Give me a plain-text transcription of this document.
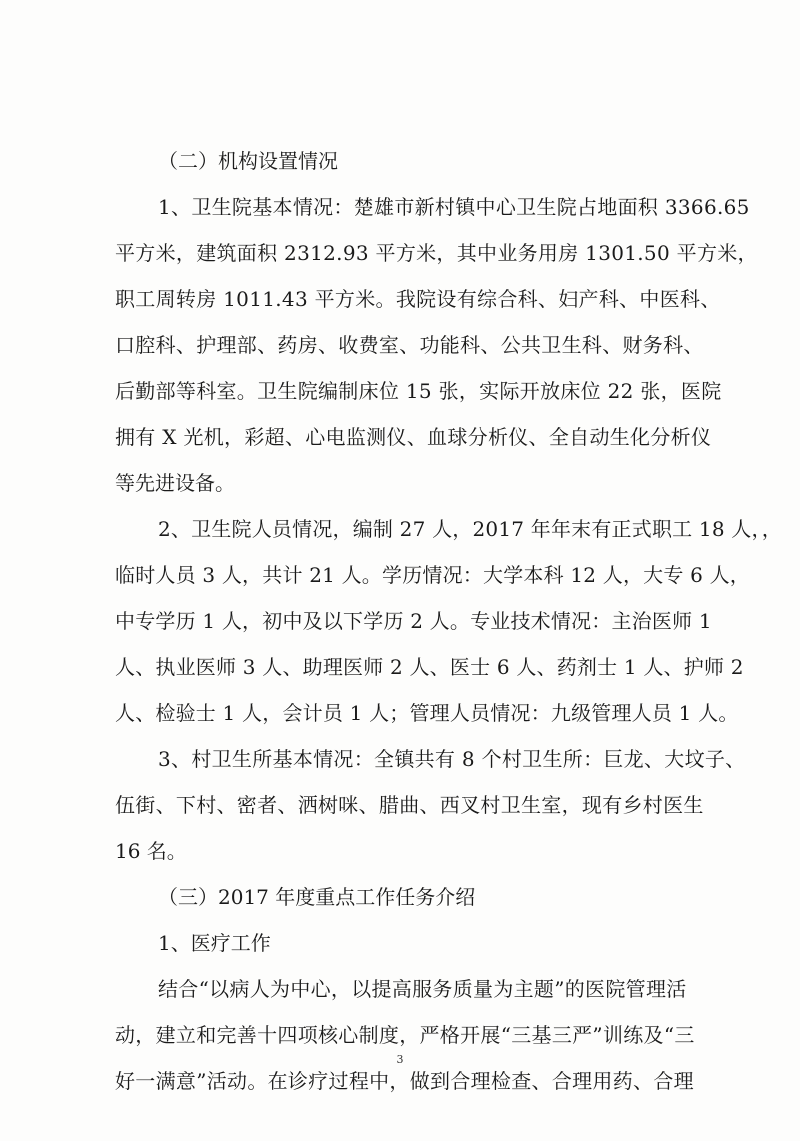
（二）机构设置情况
1、卫生院基本情况：楚雄市新村镇中心卫生院占地面积 3366.65
平方米，建筑面积 2312.93 平方米，其中业务用房 1301.50 平方米，
职工周转房 1011.43 平方米。我院设有综合科、妇产科、中医科、
口腔科、护理部、药房、收费室、功能科、公共卫生科、财务科、
后勤部等科室。卫生院编制床位 15 张，实际开放床位 22 张，医院
拥有 X 光机，彩超、心电监测仪、血球分析仪、全自动生化分析仪
等先进设备。
2、卫生院人员情况，编制 27 人，2017 年年末有正式职工 18 人，，
临时人员 3 人，共计 21 人。学历情况：大学本科 12 人，大专 6 人，
中专学历 1 人，初中及以下学历 2 人。专业技术情况：主治医师 1
人、执业医师 3 人、助理医师 2 人、医士 6 人、药剂士 1 人、护师 2
人、检验士 1 人，会计员 1 人；管理人员情况：九级管理人员 1 人。
3、村卫生所基本情况：全镇共有 8 个村卫生所：巨龙、大坟子、
伍街、下村、密者、洒树咪、腊曲、西叉村卫生室，现有乡村医生
16 名。
（三）2017 年度重点工作任务介绍
1、医疗工作
结合“以病人为中心，以提高服务质量为主题”的医院管理活
动，建立和完善十四项核心制度，严格开展“三基三严”训练及“三
好一满意”活动。在诊疗过程中，做到合理检查、合理用药、合理
3
